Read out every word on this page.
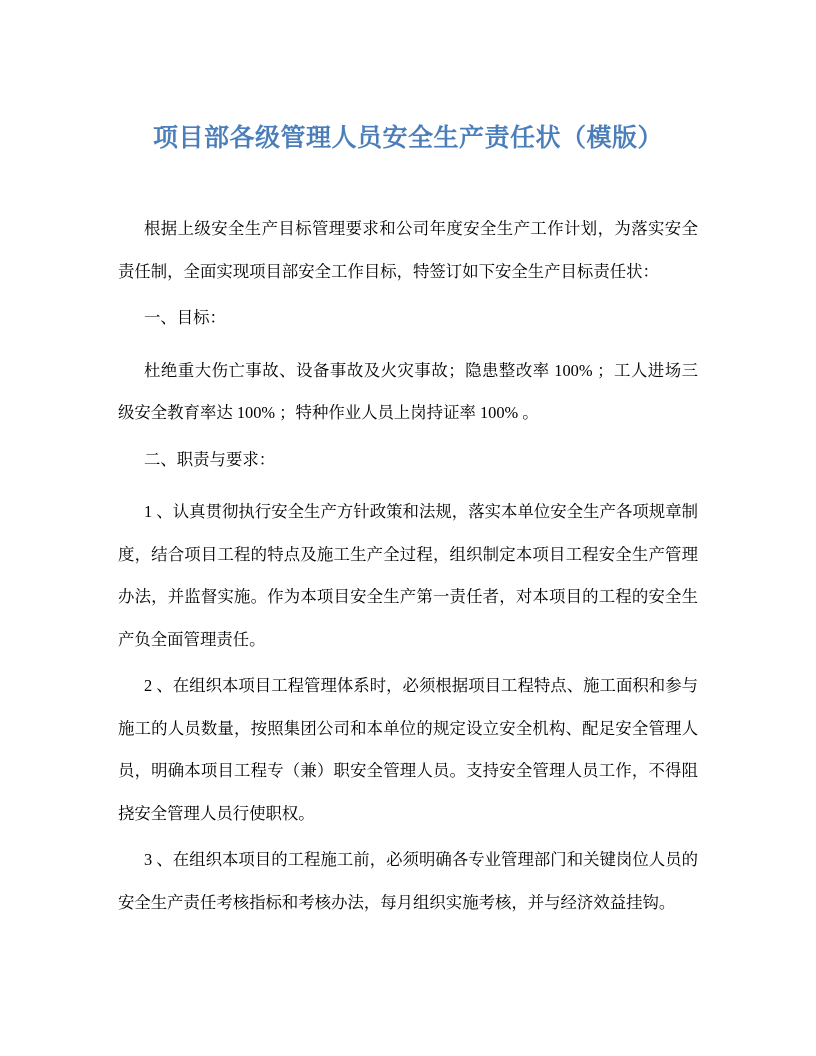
项目部各级管理人员安全生产责任状（模版）

根据上级安全生产目标管理要求和公司年度安全生产工作计划，为落实安全责任制，全面实现项目部安全工作目标，特签订如下安全生产目标责任状：

一、目标：

杜绝重大伤亡事故、设备事故及火灾事故；隐患整改率 100% ；工人进场三级安全教育率达 100% ；特种作业人员上岗持证率 100% 。

二、职责与要求：

1 、认真贯彻执行安全生产方针政策和法规，落实本单位安全生产各项规章制度，结合项目工程的特点及施工生产全过程，组织制定本项目工程安全生产管理办法，并监督实施。作为本项目安全生产第一责任者，对本项目的工程的安全生产负全面管理责任。

2 、在组织本项目工程管理体系时，必须根据项目工程特点、施工面积和参与施工的人员数量，按照集团公司和本单位的规定设立安全机构、配足安全管理人员，明确本项目工程专（兼）职安全管理人员。支持安全管理人员工作，不得阻挠安全管理人员行使职权。

3 、在组织本项目的工程施工前，必须明确各专业管理部门和关键岗位人员的安全生产责任考核指标和考核办法，每月组织实施考核，并与经济效益挂钩。
